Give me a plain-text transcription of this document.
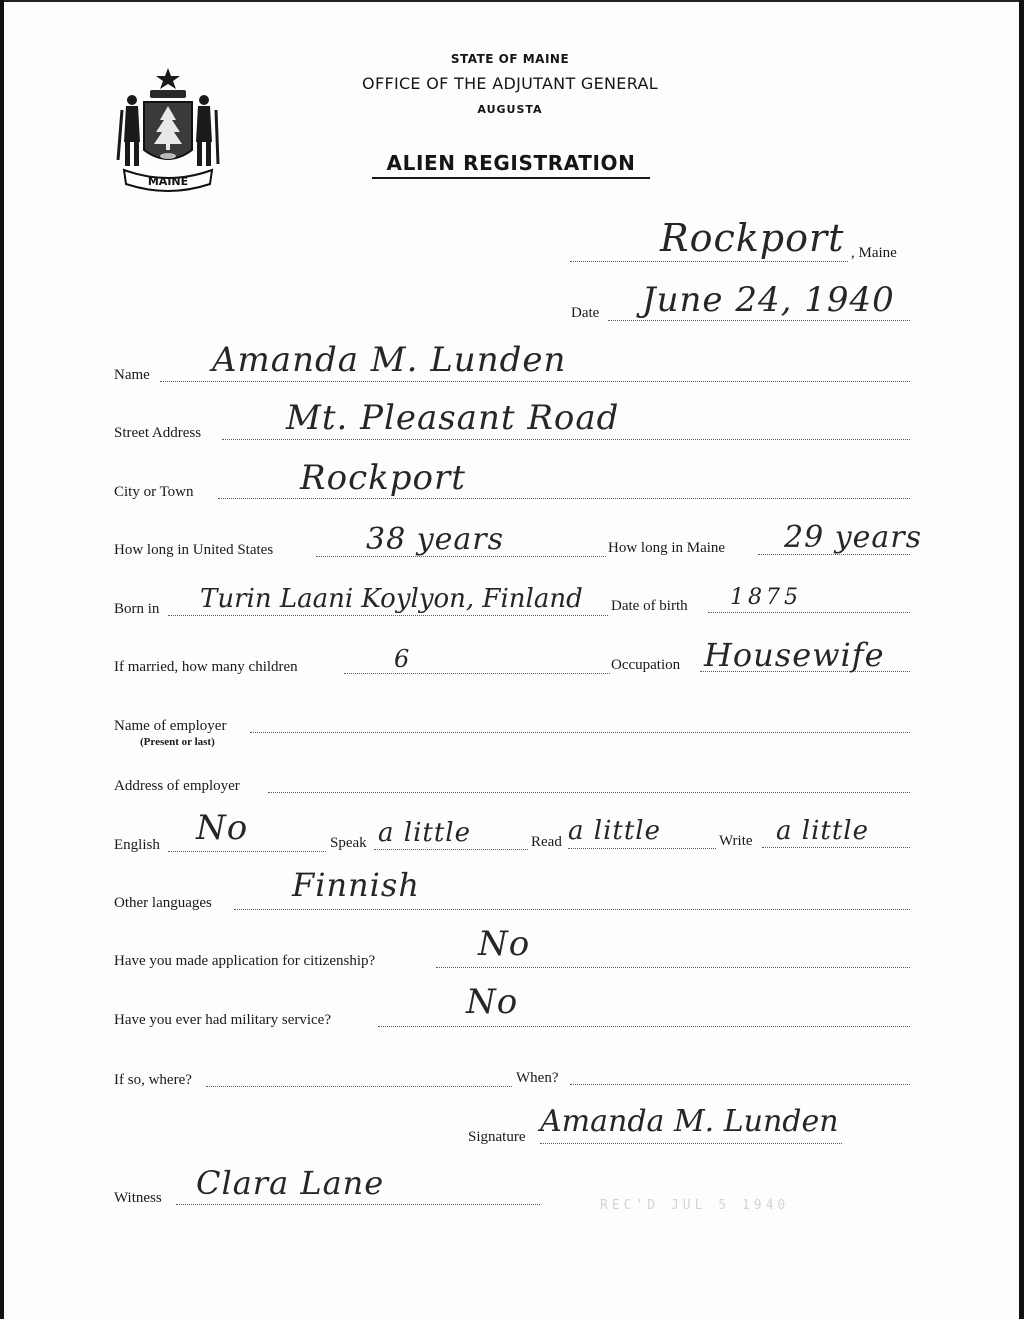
MAINE
STATE OF MAINE
OFFICE OF THE ADJUTANT GENERAL
AUGUSTA
ALIEN REGISTRATION
Rockport , Maine
Date June 24, 1940
Name Amanda M. Lunden
Street Address Mt. Pleasant Road
City or Town	Rockport
How long in United States	38 years	How long in Maine 29 years
Born in Turin Laani Koylyon, Finland Date of birth 1875
If married, how many children	6	Occupation Housewife
Name of employer
(Present or last)
Address of employer
English No	Speak a little	Read a little	Write a little
Other languages	Finnish
Have you made application for citizenship?	No
Have you ever had military service?	No
If so, where?	When?
Signature Amanda M. Lunden
Witness Clara Lane
REC'D JUL 5 1940
